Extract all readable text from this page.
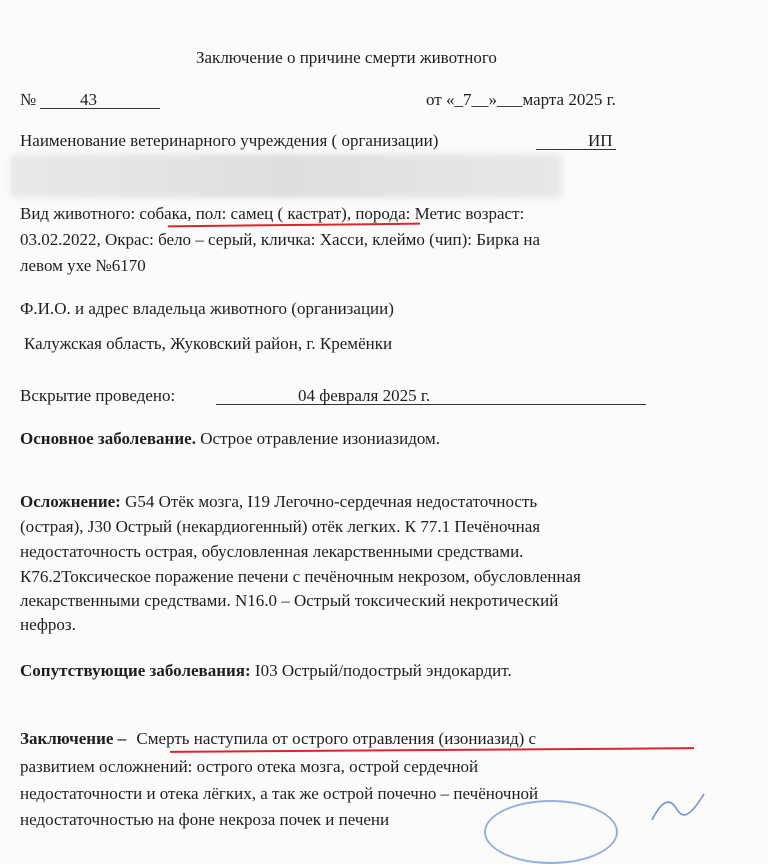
Заключение о причине смерти животного
№	43	от «_7__»___марта 2025 г.
Наименование ветеринарного учреждения ( организации)	ИП
Вид животного: собака, пол: самец ( кастрат), порода: Метис возраст:
03.02.2022, Окрас: бело – серый, кличка: Хасси, клеймо (чип): Бирка на
левом ухе №6170
Ф.И.О. и адрес владельца животного (организации)
Калужская область, Жуковский район, г. Кремёнки
Вскрытие проведено:	04 февраля 2025 г.
Основное заболевание. Острое отравление изониазидом.
Осложнение: G54 Отёк мозга, I19 Легочно-сердечная недостаточность
(острая), J30 Острый (некардиогенный) отёк легких. К 77.1 Печёночная
недостаточность острая, обусловленная лекарственными средствами.
К76.2Токсическое поражение печени с печёночным некрозом, обусловленная
лекарственными средствами. N16.0 – Острый токсический некротический
нефроз.
Сопутствующие заболевания: I03 Острый/подострый эндокардит.
Заключение – Смерть наступила от острого отравления (изониазид) с
развитием осложнений: острого отека мозга, острой сердечной
недостаточности и отека лёгких, а так же острой почечно – печёночной
недостаточностью на фоне некроза почек и печени
